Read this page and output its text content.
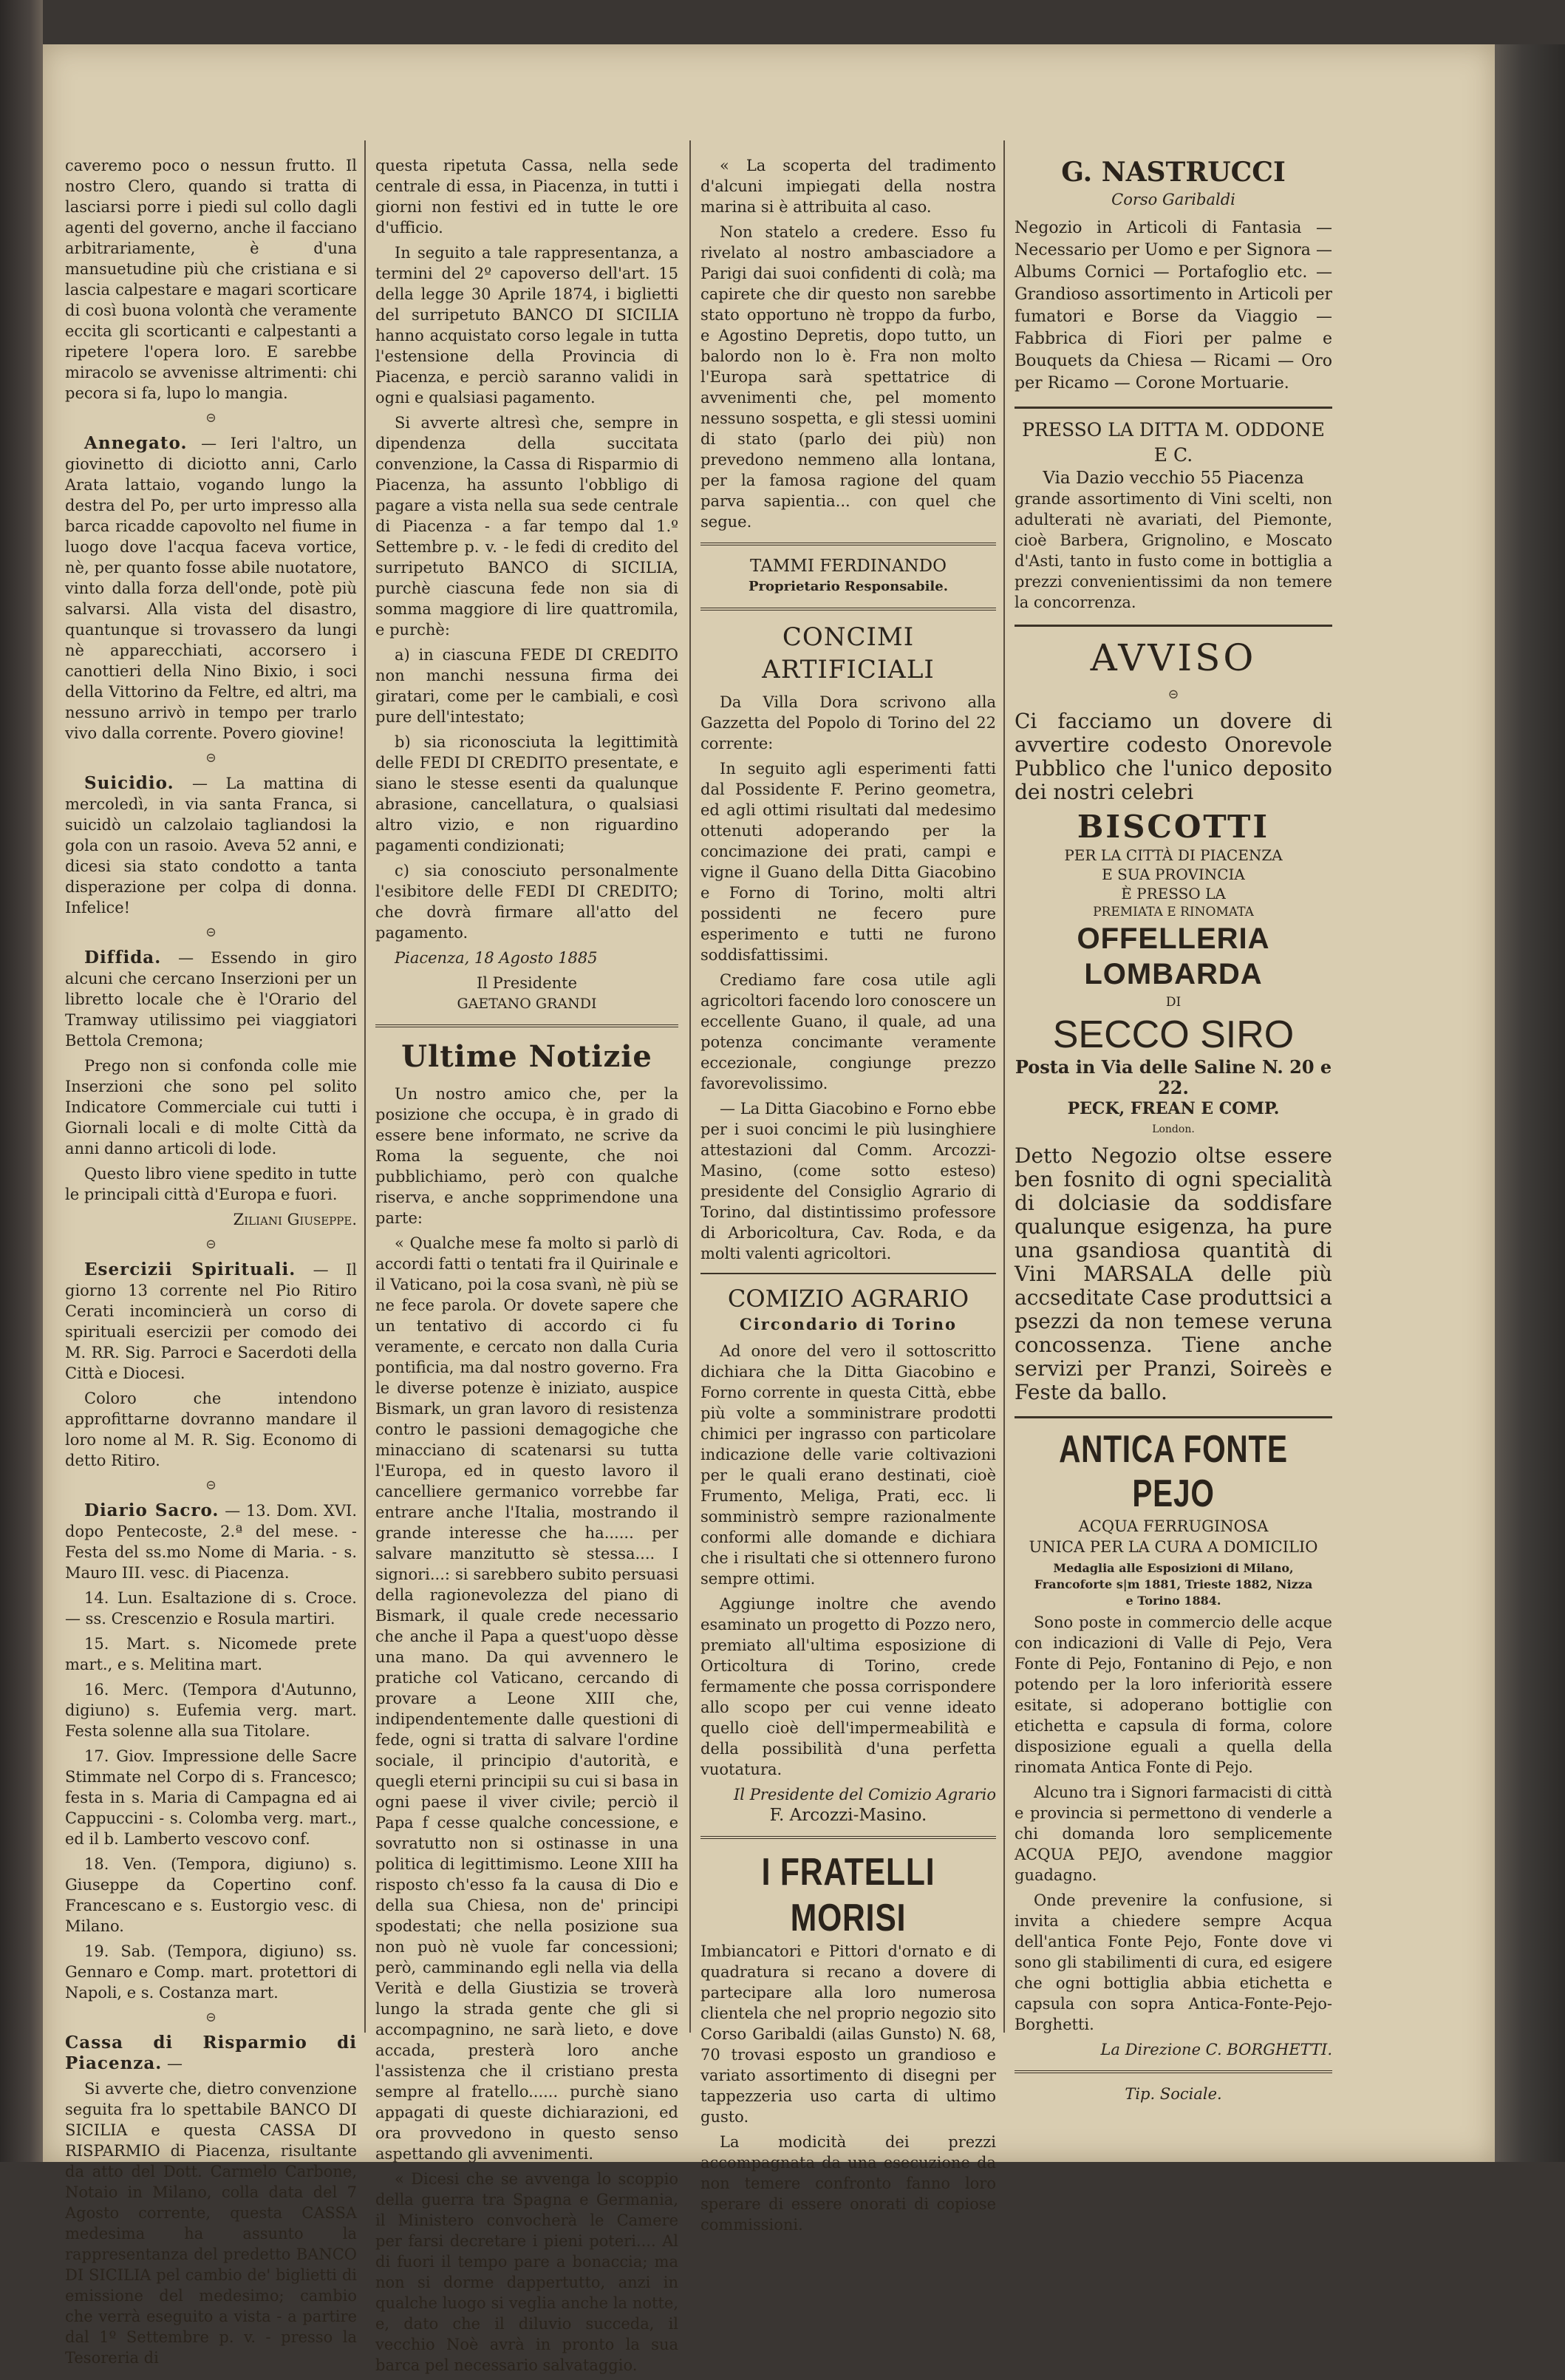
caveremo poco o nessun frutto. Il nostro Clero, quando si tratta di lasciarsi porre i piedi sul collo dagli agenti del governo, anche il facciano arbitrariamente, è d'una mansuetudine più che cristiana e si lascia calpestare e magari scorticare di così buona volontà che veramente eccita gli scorticanti e calpestanti a ripetere l'opera loro. E sarebbe miracolo se avvenisse altrimenti: chi pecora si fa, lupo lo mangia.

⊝

Annegato. — Ieri l'altro, un giovinetto di diciotto anni, Carlo Arata lattaio, vogando lungo la destra del Po, per urto impresso alla barca ricadde capovolto nel fiume in luogo dove l'acqua faceva vortice, nè, per quanto fosse abile nuotatore, vinto dalla forza dell'onde, potè più salvarsi. Alla vista del disastro, quantunque si trovassero da lungi nè apparecchiati, accorsero i canottieri della Nino Bixio, i soci della Vittorino da Feltre, ed altri, ma nessuno arrivò in tempo per trarlo vivo dalla corrente. Povero giovine!

⊝

Suicidio. — La mattina di mercoledì, in via santa Franca, si suicidò un calzolaio tagliandosi la gola con un rasoio. Aveva 52 anni, e dicesi sia stato condotto a tanta disperazione per colpa di donna. Infelice!

⊝

Diffida. — Essendo in giro alcuni che cercano Inserzioni per un libretto locale che è l'Orario del Tramway utilissimo pei viaggiatori Bettola Cremona;

Prego non si confonda colle mie Inserzioni che sono pel solito Indicatore Commerciale cui tutti i Giornali locali e di molte Città da anni danno articoli di lode.

Questo libro viene spedito in tutte le principali città d'Europa e fuori.

Ziliani Giuseppe.
⊝

Esercizii Spirituali. — Il giorno 13 corrente nel Pio Ritiro Cerati incomincierà un corso di spirituali esercizii per comodo dei M. RR. Sig. Parroci e Sacerdoti della Città e Diocesi.

Coloro che intendono approfittarne dovranno mandare il loro nome al M. R. Sig. Economo di detto Ritiro.

⊝

Diario Sacro. — 13. Dom. XVI. dopo Pentecoste, 2.ª del mese. - Festa del ss.mo Nome di Maria. - s. Mauro III. vesc. di Piacenza.

14. Lun. Esaltazione di s. Croce. — ss. Crescenzio e Rosula martiri.

15. Mart. s. Nicomede prete mart., e s. Melitina mart.

16. Merc. (Tempora d'Autunno, digiuno) s. Eufemia verg. mart. Festa solenne alla sua Titolare.

17. Giov. Impressione delle Sacre Stimmate nel Corpo di s. Francesco; festa in s. Maria di Campagna ed ai Cappuccini - s. Colomba verg. mart., ed il b. Lamberto vescovo conf.

18. Ven. (Tempora, digiuno) s. Giuseppe da Copertino conf. Francescano e s. Eustorgio vesc. di Milano.

19. Sab. (Tempora, digiuno) ss. Gennaro e Comp. mart. protettori di Napoli, e s. Costanza mart.

⊝

Cassa di Risparmio di Piacenza. —

Si avverte che, dietro convenzione seguita fra lo spettabile BANCO DI SICILIA e questa CASSA DI RISPARMIO di Piacenza, risultante da atto del Dott. Carmelo Carbone, Notaio in Milano, colla data del 7 Agosto corrente, questa CASSA medesima ha assunto la rappresentanza del predetto BANCO DI SICILIA pel cambio de' biglietti di emissione del medesimo; cambio che verrà eseguito a vista - a partire dal 1º Settembre p. v. - presso la Tesoreria di

questa ripetuta Cassa, nella sede centrale di essa, in Piacenza, in tutti i giorni non festivi ed in tutte le ore d'ufficio.

In seguito a tale rappresentanza, a termini del 2º capoverso dell'art. 15 della legge 30 Aprile 1874, i biglietti del surripetuto BANCO DI SICILIA hanno acquistato corso legale in tutta l'estensione della Provincia di Piacenza, e perciò saranno validi in ogni e qualsiasi pagamento.

Si avverte altresì che, sempre in dipendenza della succitata convenzione, la Cassa di Risparmio di Piacenza, ha assunto l'obbligo di pagare a vista nella sua sede centrale di Piacenza - a far tempo dal 1.º Settembre p. v. - le fedi di credito del surripetuto BANCO di SICILIA, purchè ciascuna fede non sia di somma maggiore di lire quattromila, e purchè:

a) in ciascuna FEDE DI CREDITO non manchi nessuna firma dei giratari, come per le cambiali, e così pure dell'intestato;

b) sia riconosciuta la legittimità delle FEDI DI CREDITO presentate, e siano le stesse esenti da qualunque abrasione, cancellatura, o qualsiasi altro vizio, e non riguardino pagamenti condizionati;

c) sia conosciuto personalmente l'esibitore delle FEDI DI CREDITO; che dovrà firmare all'atto del pagamento.

Piacenza, 18 Agosto 1885

Il Presidente
GAETANO GRANDI
Ultime Notizie

Un nostro amico che, per la posizione che occupa, è in grado di essere bene informato, ne scrive da Roma la seguente, che noi pubblichiamo, però con qualche riserva, e anche sopprimendone una parte:

« Qualche mese fa molto si parlò di accordi fatti o tentati fra il Quirinale e il Vaticano, poi la cosa svanì, nè più se ne fece parola. Or dovete sapere che un tentativo di accordo ci fu veramente, e cercato non dalla Curia pontificia, ma dal nostro governo. Fra le diverse potenze è iniziato, auspice Bismark, un gran lavoro di resistenza contro le passioni demagogiche che minacciano di scatenarsi su tutta l'Europa, ed in questo lavoro il cancelliere germanico vorrebbe far entrare anche l'Italia, mostrando il grande interesse che ha...... per salvare manzitutto sè stessa.... I signori...: si sarebbero subito persuasi della ragionevolezza del piano di Bismark, il quale crede necessario che anche il Papa a quest'uopo dèsse una mano. Da qui avvennero le pratiche col Vaticano, cercando di provare a Leone XIII che, indipendentemente dalle questioni di fede, ogni si tratta di salvare l'ordine sociale, il principio d'autorità, e quegli eterni principii su cui si basa in ogni paese il viver civile; perciò il Papa f cesse qualche concessione, e sovratutto non si ostinasse in una politica di legittimismo. Leone XIII ha risposto ch'esso fa la causa di Dio e della sua Chiesa, non de' principi spodestati; che nella posizione sua non può nè vuole far concessioni; però, camminando egli nella via della Verità e della Giustizia se troverà lungo la strada gente che gli si accompagnino, ne sarà lieto, e dove accada, presterà loro anche l'assistenza che il cristiano presta sempre al fratello...... purchè siano appagati di queste dichiarazioni, ed ora provvedono in questo senso aspettando gli avvenimenti.

« Dicesi che se avvenga lo scoppio della guerra tra Spagna e Germania, il Ministero convocherà le Camere per farsi decretare i pieni poteri.... Al di fuori il tempo pare a bonaccia; ma non si dorme dappertutto, anzi in qualche luogo si veglia anche la notte, e, dato che il diluvio succeda, il vecchio Noè avrà in pronto la sua barca pel necessario salvataggio.

« La scoperta del tradimento d'alcuni impiegati della nostra marina si è attribuita al caso.

Non statelo a credere. Esso fu rivelato al nostro ambasciadore a Parigi dai suoi confidenti di colà; ma capirete che dir questo non sarebbe stato opportuno nè troppo da furbo, e Agostino Depretis, dopo tutto, un balordo non lo è. Fra non molto l'Europa sarà spettatrice di avvenimenti che, pel momento nessuno sospetta, e gli stessi uomini di stato (parlo dei più) non prevedono nemmeno alla lontana, per la famosa ragione del quam parva sapientia... con quel che segue.

TAMMI FERDINANDO
Proprietario Responsabile.
CONCIMI ARTIFICIALI

Da Villa Dora scrivono alla Gazzetta del Popolo di Torino del 22 corrente:

In seguito agli esperimenti fatti dal Possidente F. Perino geometra, ed agli ottimi risultati dal medesimo ottenuti adoperando per la concimazione dei prati, campi e vigne il Guano della Ditta Giacobino e Forno di Torino, molti altri possidenti ne fecero pure esperimento e tutti ne furono soddisfattissimi.

Crediamo fare cosa utile agli agricoltori facendo loro conoscere un eccellente Guano, il quale, ad una potenza concimante veramente eccezionale, congiunge prezzo favorevolissimo.

— La Ditta Giacobino e Forno ebbe per i suoi concimi le più lusinghiere attestazioni dal Comm. Arcozzi-Masino, (come sotto esteso) presidente del Consiglio Agrario di Torino, dal distintissimo professore di Arboricoltura, Cav. Roda, e da molti valenti agricoltori.

COMIZIO AGRARIO
Circondario di Torino

Ad onore del vero il sottoscritto dichiara che la Ditta Giacobino e Forno corrente in questa Città, ebbe più volte a somministrare prodotti chimici per ingrasso con particolare indicazione delle varie coltivazioni per le quali erano destinati, cioè Frumento, Meliga, Prati, ecc. li somministrò sempre razionalmente conformi alle domande e dichiara che i risultati che si ottennero furono sempre ottimi.

Aggiunge inoltre che avendo esaminato un progetto di Pozzo nero, premiato all'ultima esposizione di Orticoltura di Torino, crede fermamente che possa corrispondere allo scopo per cui venne ideato quello cioè dell'impermeabilità e della possibilità d'una perfetta vuotatura.

Il Presidente del Comizio Agrario
F. Arcozzi-Masino.
I FRATELLI MORISI

Imbiancatori e Pittori d'ornato e di quadratura si recano a dovere di partecipare alla loro numerosa clientela che nel proprio negozio sito Corso Garibaldi (ailas Gunsto) N. 68, 70 trovasi esposto un grandioso e variato assortimento di disegni per tappezzeria uso carta di ultimo gusto.

La modicità dei prezzi accompagnata da una esecuzione da non temere confronto fanno loro sperare di essere onorati di copiose commissioni.

G. NASTRUCCI
Corso Garibaldi

Negozio in Articoli di Fantasia — Necessario per Uomo e per Signora — Albums Cornici — Portafoglio etc. — Grandioso assortimento in Articoli per fumatori e Borse da Viaggio — Fabbrica di Fiori per palme e Bouquets da Chiesa — Ricami — Oro per Ricamo — Corone Mortuarie.

PRESSO LA DITTA M. ODDONE E C.
Via Dazio vecchio 55 Piacenza

grande assortimento di Vini scelti, non adulterati nè avariati, del Piemonte, cioè Barbera, Grignolino, e Moscato d'Asti, tanto in fusto come in bottiglia a prezzi convenientissimi da non temere la concorrenza.

AVVISO
⊝

Ci facciamo un dovere di avvertire codesto Onorevole Pubblico che l'unico deposito dei nostri celebri

BISCOTTI
PER LA CITTÀ DI PIACENZA
E SUA PROVINCIA
È PRESSO LA
PREMIATA E RINOMATA
OFFELLERIA LOMBARDA
DI
SECCO SIRO
Posta in Via delle Saline N. 20 e 22.
PECK, FREAN E COMP.
London.

Detto Negozio oltse essere ben fosnito di ogni specialità di dolciasie da soddisfare qualunque esigenza, ha pure una gsandiosa quantità di Vini MARSALA delle più accseditate Case produttsici a psezzi da non temese veruna concossenza. Tiene anche servizi per Pranzi, Soireès e Feste da ballo.

ANTICA FONTE PEJO
ACQUA FERRUGINOSA
UNICA PER LA CURA A DOMICILIO
Medaglia alle Esposizioni di Milano, Francoforte s|m 1881, Trieste 1882, Nizza e Torino 1884.

Sono poste in commercio delle acque con indicazioni di Valle di Pejo, Vera Fonte di Pejo, Fontanino di Pejo, e non potendo per la loro inferiorità essere esitate, si adoperano bottiglie con etichetta e capsula di forma, colore disposizione eguali a quella della rinomata Antica Fonte di Pejo.

Alcuno tra i Signori farmacisti di città e provincia si permettono di venderle a chi domanda loro semplicemente ACQUA PEJO, avendone maggior guadagno.

Onde prevenire la confusione, si invita a chiedere sempre Acqua dell'antica Fonte Pejo, Fonte dove vi sono gli stabilimenti di cura, ed esigere che ogni bottiglia abbia etichetta e capsula con sopra Antica-Fonte-Pejo-Borghetti.

La Direzione C. BORGHETTI.
Tip. Sociale.
